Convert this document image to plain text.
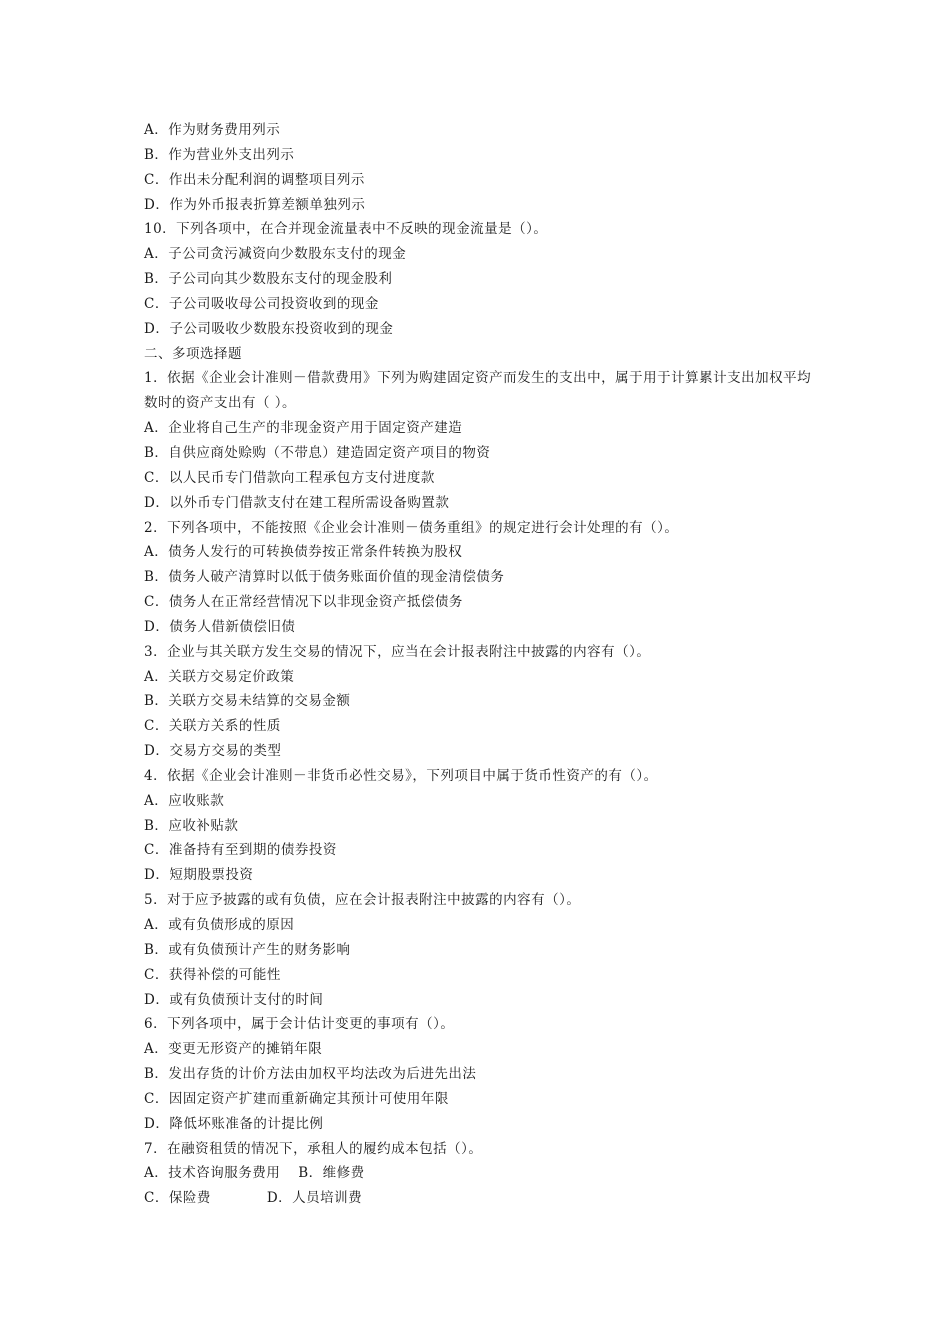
A．作为财务费用列示
B．作为营业外支出列示
C．作出未分配利润的调整项目列示
D．作为外币报表折算差额单独列示
10．下列各项中，在合并现金流量表中不反映的现金流量是（）。
A．子公司贪污减资向少数股东支付的现金
B．子公司向其少数股东支付的现金股利
C．子公司吸收母公司投资收到的现金
D．子公司吸收少数股东投资收到的现金
二、多项选择题
1．依据《企业会计准则－借款费用》下列为购建固定资产而发生的支出中，属于用于计算累计支出加权平均数时的资产支出有（ ）。
A．企业将自己生产的非现金资产用于固定资产建造
B．自供应商处赊购（不带息）建造固定资产项目的物资
C．以人民币专门借款向工程承包方支付进度款
D．以外币专门借款支付在建工程所需设备购置款
2．下列各项中，不能按照《企业会计准则－债务重组》的规定进行会计处理的有（）。
A．债务人发行的可转换债券按正常条件转换为股权
B．债务人破产清算时以低于债务账面价值的现金清偿债务
C．债务人在正常经营情况下以非现金资产抵偿债务
D．债务人借新债偿旧债
3．企业与其关联方发生交易的情况下，应当在会计报表附注中披露的内容有（）。
A．关联方交易定价政策
B．关联方交易未结算的交易金额
C．关联方关系的性质
D．交易方交易的类型
4．依据《企业会计准则－非货币必性交易》，下列项目中属于货币性资产的有（）。
A．应收账款
B．应收补贴款
C．准备持有至到期的债券投资
D．短期股票投资
5．对于应予披露的或有负债，应在会计报表附注中披露的内容有（）。
A．或有负债形成的原因
B．或有负债预计产生的财务影响
C．获得补偿的可能性
D．或有负债预计支付的时间
6．下列各项中，属于会计估计变更的事项有（）。
A．变更无形资产的摊销年限
B．发出存货的计价方法由加权平均法改为后进先出法
C．因固定资产扩建而重新确定其预计可使用年限
D．降低坏账准备的计提比例
7．在融资租赁的情况下，承租人的履约成本包括（）。
A．技术咨询服务费用 B．维修费
C．保险费	D．人员培训费
